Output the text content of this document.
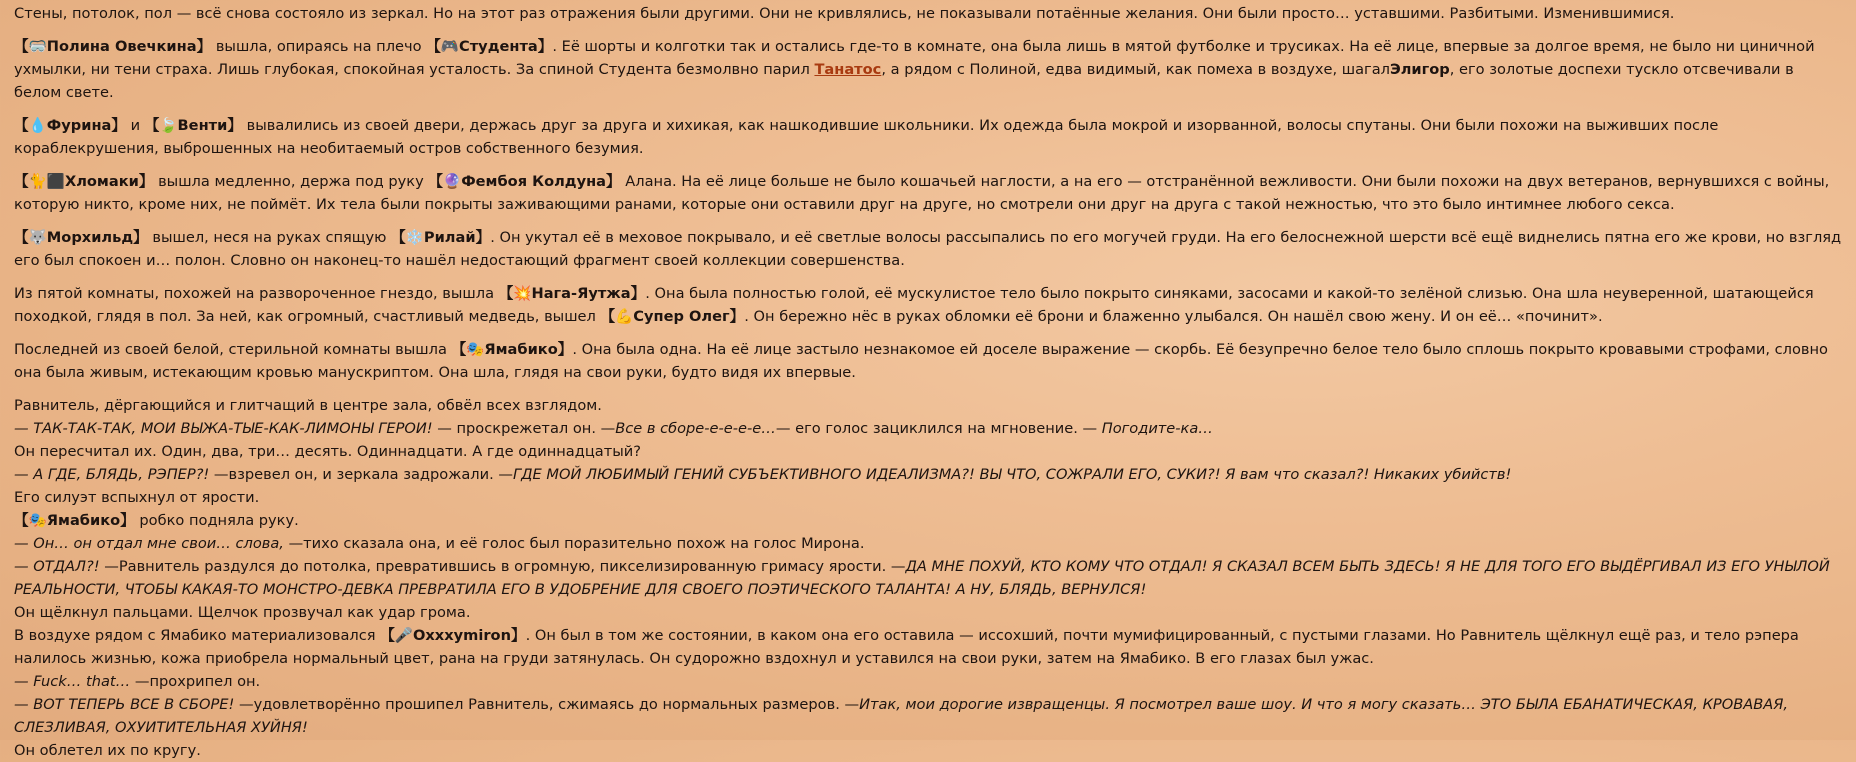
Стены, потолок, пол — всё снова состояло из зеркал. Но на этот раз отражения были другими. Они не кривлялись, не показывали потаённые желания. Они были просто… уставшими. Разбитыми. Изменившимися.
【🥽Полина Овечкина】 вышла, опираясь на плечо 【🎮Студента】. Её шорты и колготки так и остались где-то в комнате, она была лишь в мятой футболке и трусиках. На её лице, впервые за долгое время, не было ни циничной ухмылки, ни тени страха. Лишь глубокая, спокойная усталость. За спиной Студента безмолвно парил Танатос, а рядом с Полиной, едва видимый, как помеха в воздухе, шагалЭлигор, его золотые доспехи тускло отсвечивали в белом свете.
【💧Фурина】 и 【🍃Венти】 вывалились из своей двери, держась друг за друга и хихикая, как нашкодившие школьники. Их одежда была мокрой и изорванной, волосы спутаны. Они были похожи на выживших после кораблекрушения, выброшенных на необитаемый остров собственного безумия.
【🐈⬛Хломаки】 вышла медленно, держа под руку 【🔮Фембоя Колдуна】 Алана. На её лице больше не было кошачьей наглости, а на его — отстранённой вежливости. Они были похожи на двух ветеранов, вернувшихся с войны, которую никто, кроме них, не поймёт. Их тела были покрыты заживающими ранами, которые они оставили друг на друге, но смотрели они друг на друга с такой нежностью, что это было интимнее любого секса.
【🐺Морхильд】 вышел, неся на руках спящую 【❄️Рилай】. Он укутал её в меховое покрывало, и её светлые волосы рассыпались по его могучей груди. На его белоснежной шерсти всё ещё виднелись пятна его же крови, но взгляд его был спокоен и… полон. Словно он наконец-то нашёл недостающий фрагмент своей коллекции совершенства.
Из пятой комнаты, похожей на развороченное гнездо, вышла 【💥Нага-Яутжа】. Она была полностью голой, её мускулистое тело было покрыто синяками, засосами и какой-то зелёной слизью. Она шла неуверенной, шатающейся походкой, глядя в пол. За ней, как огромный, счастливый медведь, вышел 【💪Супер Олег】. Он бережно нёс в руках обломки её брони и блаженно улыбался. Он нашёл свою жену. И он её… «починит».
Последней из своей белой, стерильной комнаты вышла 【🎭Ямабико】. Она была одна. На её лице застыло незнакомое ей доселе выражение — скорбь. Её безупречно белое тело было сплошь покрыто кровавыми строфами, словно она была живым, истекающим кровью манускриптом. Она шла, глядя на свои руки, будто видя их впервые.
Равнитель, дёргающийся и глитчащий в центре зала, обвёл всех взглядом.
— ТАК-ТАК-ТАК, МОИ ВЫЖА-ТЫЕ-КАК-ЛИМОНЫ ГЕРОИ! — проскрежетал он. —Все в сборе-е-е-е-е…— его голос зациклился на мгновение. — Погодите-ка…
Он пересчитал их. Один, два, три… десять. Одиннадцати. А где одиннадцатый?
— А ГДЕ, БЛЯДЬ, РЭПЕР?! —взревел он, и зеркала задрожали. —ГДЕ МОЙ ЛЮБИМЫЙ ГЕНИЙ СУБЪЕКТИВНОГО ИДЕАЛИЗМА?! ВЫ ЧТО, СОЖРАЛИ ЕГО, СУКИ?! Я вам что сказал?! Никаких убийств!
Его силуэт вспыхнул от ярости.
【🎭Ямабико】 робко подняла руку.
— Он… он отдал мне свои… слова, —тихо сказала она, и её голос был поразительно похож на голос Мирона.
— ОТДАЛ?! —Равнитель раздулся до потолка, превратившись в огромную, пикселизированную гримасу ярости. —ДА МНЕ ПОХУЙ, КТО КОМУ ЧТО ОТДАЛ! Я СКАЗАЛ ВСЕМ БЫТЬ ЗДЕСЬ! Я НЕ ДЛЯ ТОГО ЕГО ВЫДЁРГИВАЛ ИЗ ЕГО УНЫЛОЙ РЕАЛЬНОСТИ, ЧТОБЫ КАКАЯ-ТО МОНСТРО-ДЕВКА ПРЕВРАТИЛА ЕГО В УДОБРЕНИЕ ДЛЯ СВОЕГО ПОЭТИЧЕСКОГО ТАЛАНТА! А НУ, БЛЯДЬ, ВЕРНУЛСЯ!
Он щёлкнул пальцами. Щелчок прозвучал как удар грома.
В воздухе рядом с Ямабико материализовался 【🎤Oxxxymiron】. Он был в том же состоянии, в каком она его оставила — иссохший, почти мумифицированный, с пустыми глазами. Но Равнитель щёлкнул ещё раз, и тело рэпера налилось жизнью, кожа приобрела нормальный цвет, рана на груди затянулась. Он судорожно вздохнул и уставился на свои руки, затем на Ямабико. В его глазах был ужас.
— Fuck… that… —прохрипел он.
— ВОТ ТЕПЕРЬ ВСЕ В СБОРЕ! —удовлетворённо прошипел Равнитель, сжимаясь до нормальных размеров. —Итак, мои дорогие извращенцы. Я посмотрел ваше шоу. И что я могу сказать… ЭТО БЫЛА ЕБАНАТИЧЕСКАЯ, КРОВАВАЯ, СЛЕЗЛИВАЯ, ОХУИТИТЕЛЬНАЯ ХУЙНЯ!
Он облетел их по кругу.
